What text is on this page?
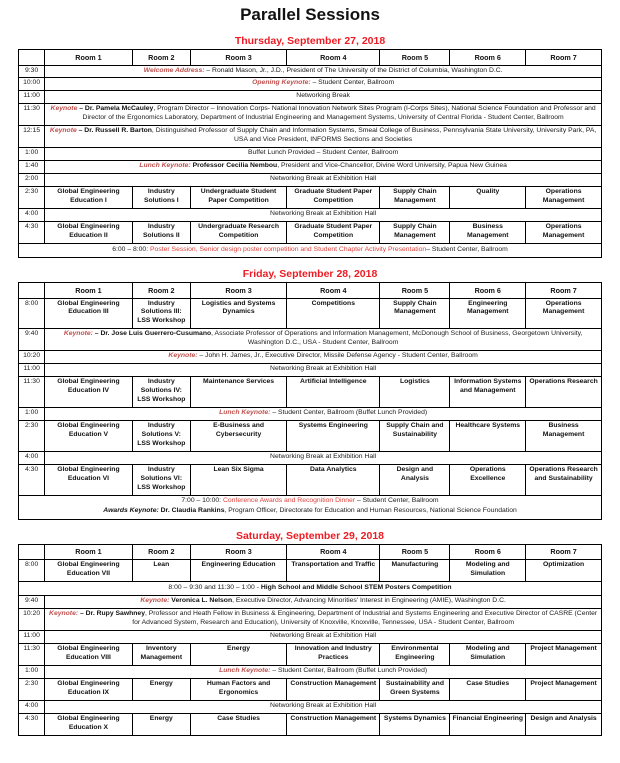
Parallel Sessions
Thursday, September 27, 2018
	Room 1	Room 2	Room 3	Room 4	Room 5	Room 6	Room 7
9:30	Welcome Address: – Ronald Mason, Jr., J.D., President of The University of the District of Columbia, Washington D.C.						
10:00	Opening Keynote: – Student Center, Ballroom						
11:00	Networking Break						
11:30	Keynote – Dr. Pamela McCauley, Program Director – Innovation Corps- National Innovation Network Sites Program (I-Corps Sites), National Science Foundation and Professor and Director of the Ergonomics Laboratory, Department of Industrial Engineering and Management Systems, University of Central Florida - Student Center, Ballroom						
12:15	Keynote – Dr. Russell R. Barton, Distinguished Professor of Supply Chain and Information Systems, Smeal College of Business, Pennsylvania State University, University Park, PA, USA and Vice President, INFORMS Sections and Societies						
1:00	Buffet Lunch Provided – Student Center, Ballroom						
1:40	Lunch Keynote: Professor Cecilia Nembou, President and Vice-Chancellor, Divine Word University, Papua New Guinea						
2:00	Networking Break at Exhibition Hall						
2:30	Global Engineering Education I	Industry Solutions I	Undergraduate Student Paper Competition	Graduate Student Paper Competition	Supply Chain Management	Quality	Operations Management
4:00	Networking Break at Exhibition Hall						
4:30	Global Engineering Education II	Industry Solutions II	Undergraduate Research Competition	Graduate Student Paper Competition	Supply Chain Management	Business Management	Operations Management

6:00 – 8:00: Poster Session, Senior design poster competition and Student Chapter Activity Presentation– Student Center, Ballroom							
Friday, September 28, 2018
	Room 1	Room 2	Room 3	Room 4	Room 5	Room 6	Room 7
8:00	Global Engineering Education III	Industry Solutions III: LSS Workshop	Logistics and Systems Dynamics	Competitions	Supply Chain Management	Engineering Management	Operations Management
9:40	Keynote: – Dr. Jose Luis Guerrero-Cusumano, Associate Professor of Operations and Information Management, McDonough School of Business, Georgetown University, Washington D.C., USA - Student Center, Ballroom						
10:20	Keynote: – John H. James, Jr., Executive Director, Missile Defense Agency - Student Center, Ballroom						
11:00	Networking Break at Exhibition Hall						
11:30	Global Engineering Education IV	Industry Solutions IV: LSS Workshop	Maintenance Services	Artificial Intelligence	Logistics	Information Systems and Management	Operations Research
1:00	Lunch Keynote: – Student Center, Ballroom (Buffet Lunch Provided)						
2:30	Global Engineering Education V	Industry Solutions V: LSS Workshop	E-Business and Cybersecurity	Systems Engineering	Supply Chain and Sustainability	Healthcare Systems	Business Management
4:00	Networking Break at Exhibition Hall						
4:30	Global Engineering Education VI	Industry Solutions VI: LSS Workshop	Lean Six Sigma	Data Analytics	Design and Analysis	Operations Excellence	Operations Research and Sustainability

7:00 – 10:00: Conference Awards and Recognition Dinner – Student Center, Ballroom
Awards Keynote: Dr. Claudia Rankins, Program Officer, Directorate for Education and Human Resources, National Science Foundation							
Saturday, September 29, 2018
	Room 1	Room 2	Room 3	Room 4	Room 5	Room 6	Room 7
8:00	Global Engineering Education VII	Lean	Engineering Education	Transportation and Traffic	Manufacturing	Modeling and Simulation	Optimization

8:00 – 9:30 and 11:30 – 1:00 - High School and Middle School STEM Posters Competition							

9:40	Keynote: Veronica L. Nelson, Executive Director, Advancing Minorities' Interest in Engineering (AMIE), Washington D.C.						
10:20	Keynote: – Dr. Rupy Sawhney, Professor and Heath Fellow in Business & Engineering, Department of Industrial and Systems Engineering and Executive Director of CASRE (Center for Advanced System, Research and Education), University of Knoxville, Knoxville, Tennessee, USA - Student Center, Ballroom						
11:00	Networking Break at Exhibition Hall						
11:30	Global Engineering Education VIII	Inventory Management	Energy	Innovation and Industry Practices	Environmental Engineering	Modeling and Simulation	Project Management
1:00	Lunch Keynote: – Student Center, Ballroom (Buffet Lunch Provided)						
2:30	Global Engineering Education IX	Energy	Human Factors and Ergonomics	Construction Management	Sustainability and Green Systems	Case Studies	Project Management
4:00	Networking Break at Exhibition Hall						
4:30	Global Engineering Education X	Energy	Case Studies	Construction Management	Systems Dynamics	Financial Engineering	Design and Analysis
